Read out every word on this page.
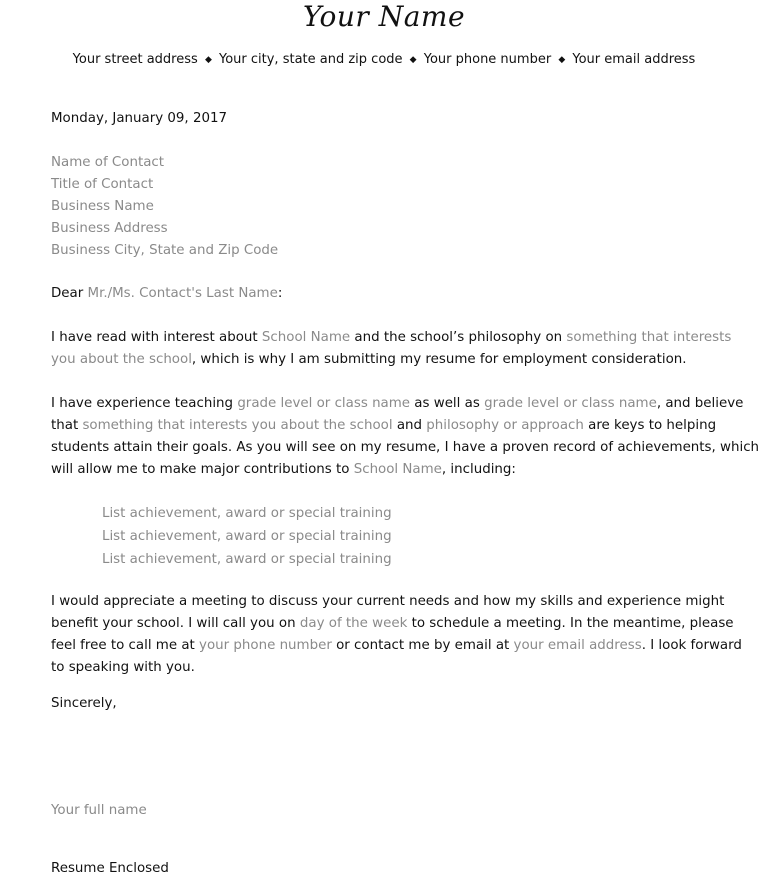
Your Name
Your street address ◆ Your city, state and zip code ◆ Your phone number ◆ Your email address
Monday, January 09, 2017
Name of Contact
Title of Contact
Business Name
Business Address
Business City, State and Zip Code
Dear Mr./Ms. Contact's Last Name:
I have read with interest about School Name and the school’s philosophy on something that interests
you about the school, which is why I am submitting my resume for employment consideration.
I have experience teaching grade level or class name as well as grade level or class name, and believe
that something that interests you about the school and philosophy or approach are keys to helping
students attain their goals. As you will see on my resume, I have a proven record of achievements, which
will allow me to make major contributions to School Name, including:
List achievement, award or special training
List achievement, award or special training
List achievement, award or special training
I would appreciate a meeting to discuss your current needs and how my skills and experience might
benefit your school. I will call you on day of the week to schedule a meeting. In the meantime, please
feel free to call me at your phone number or contact me by email at your email address. I look forward
to speaking with you.
Sincerely,
Your full name
Resume Enclosed
